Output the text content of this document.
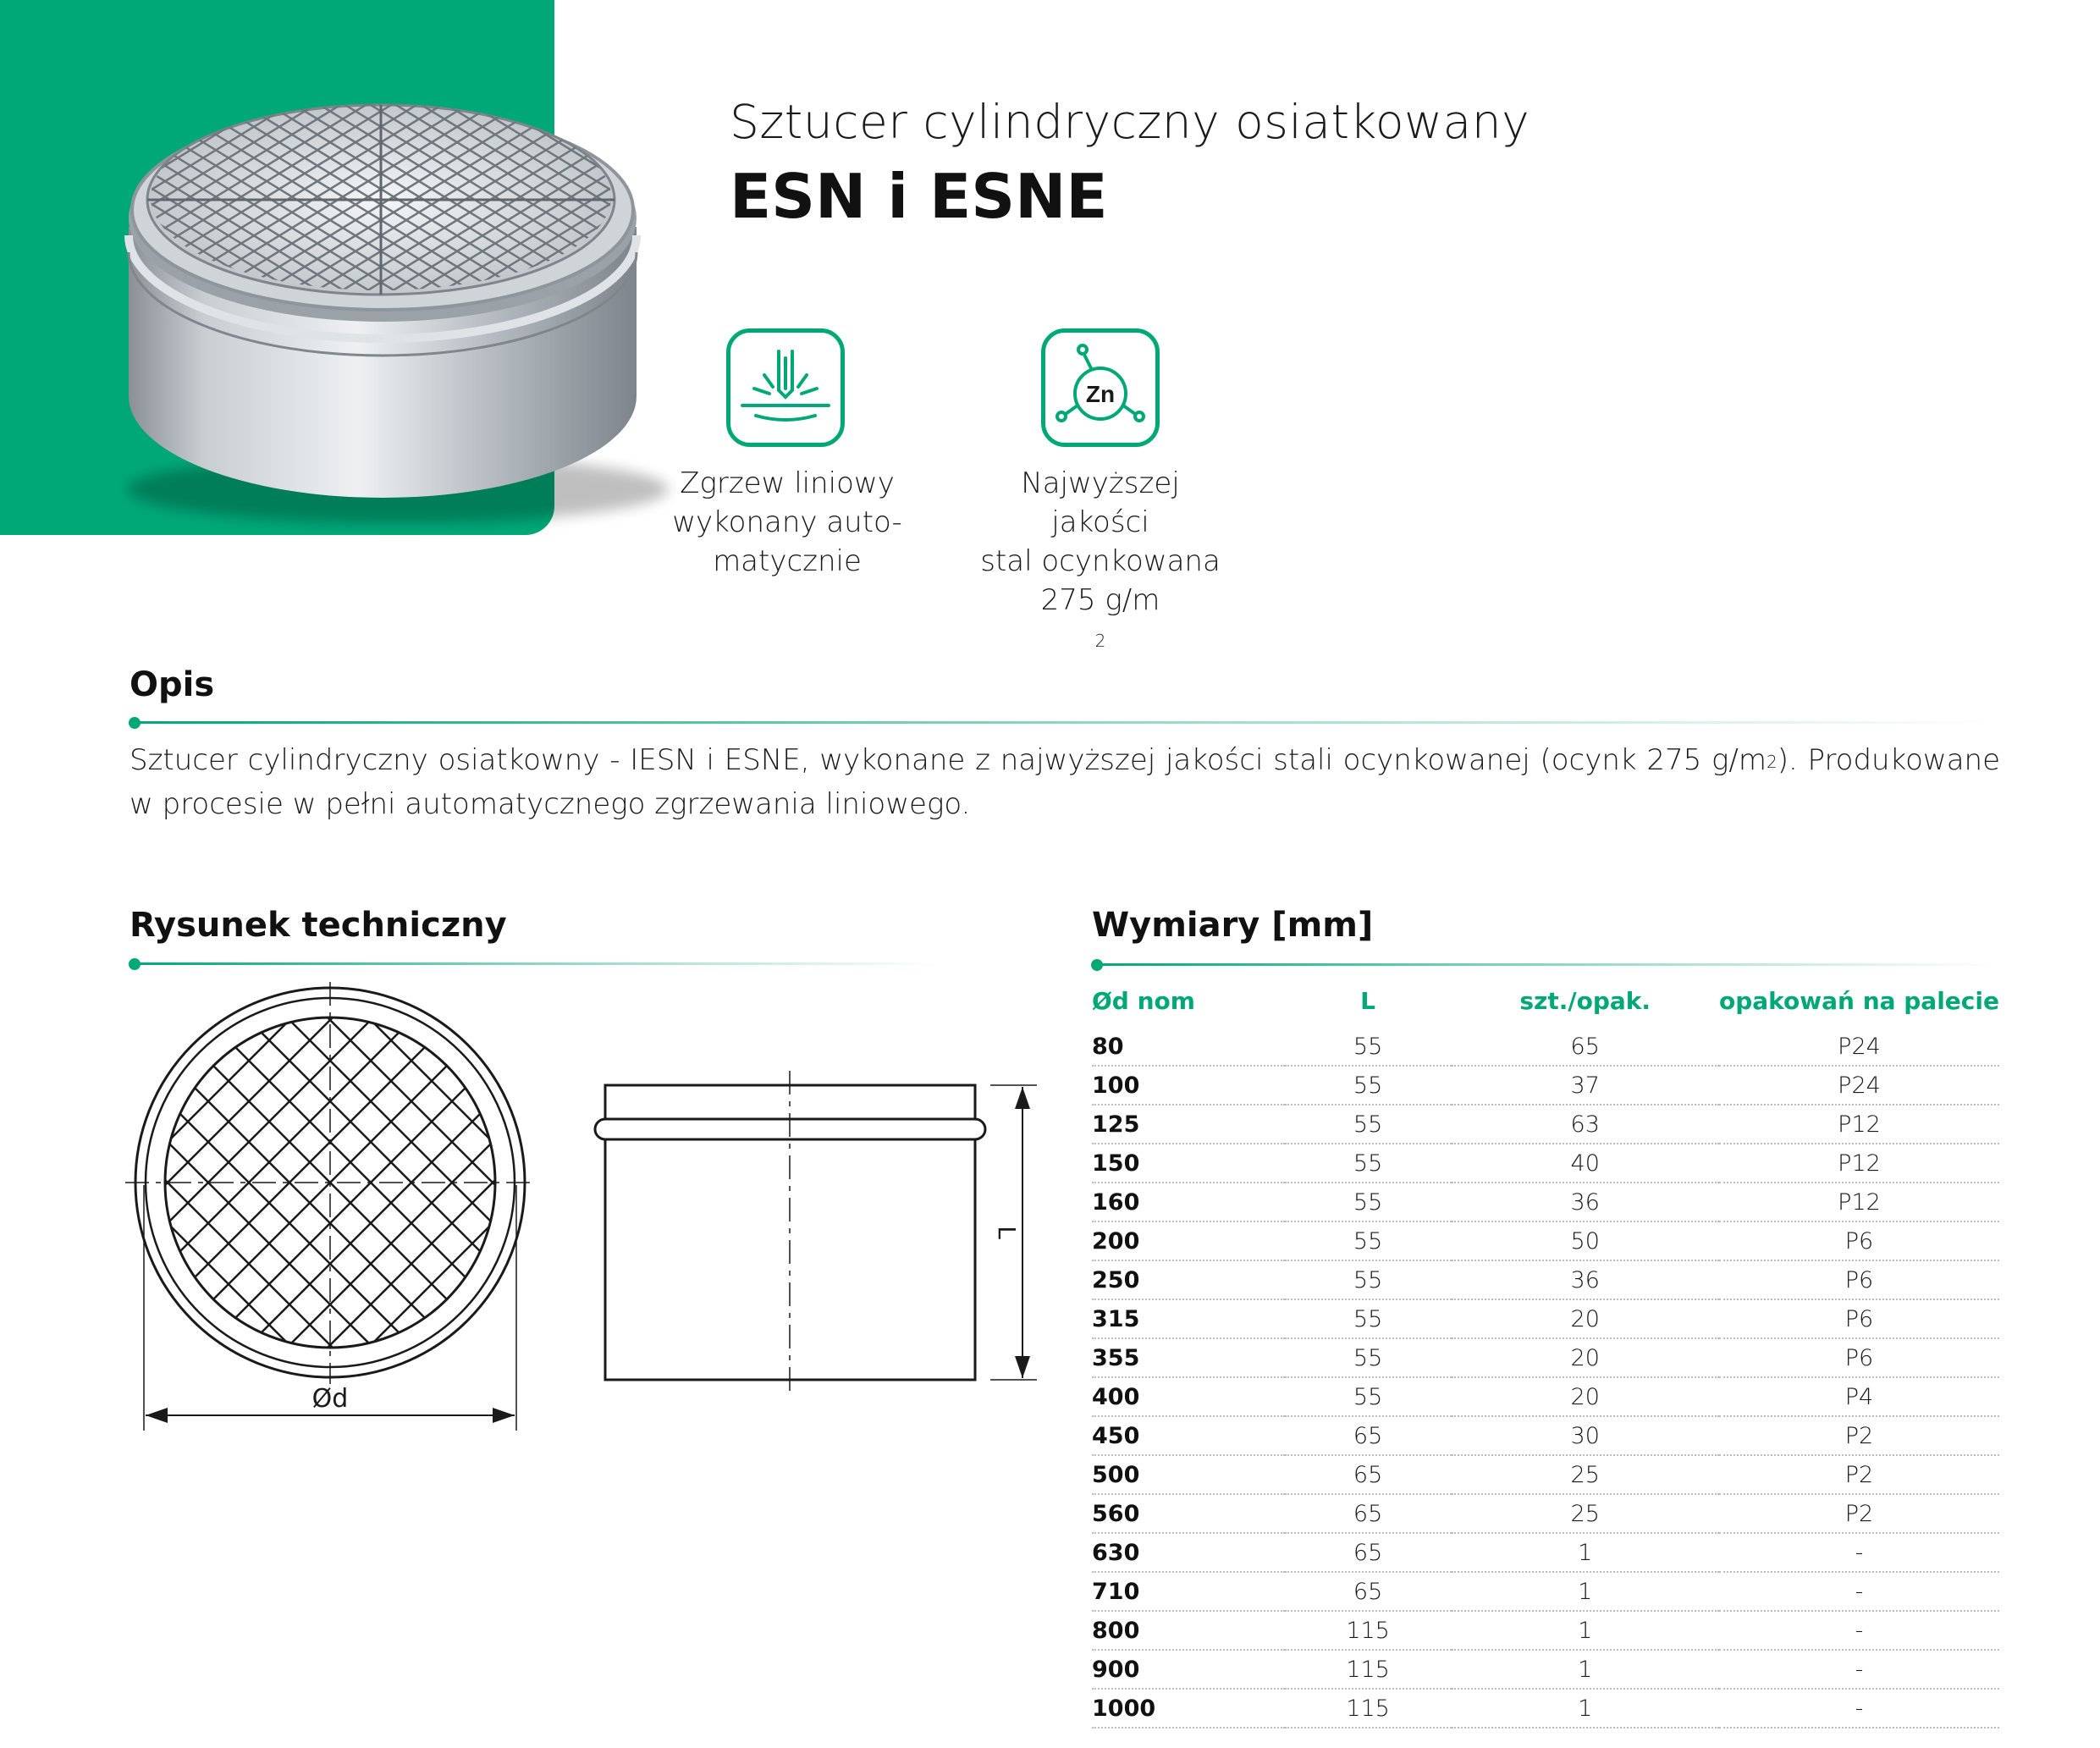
Sztucer cylindryczny osiatkowany
ESN i ESNE
Zgrzew liniowy
wykonany auto-
matycznie
Zn
Najwyższej jakości
stal ocynkowana
275 g/m
2
Opis
Sztucer cylindryczny osiatkowny - IESN i ESNE, wykonane z najwyższej jakości stali ocynkowanej (ocynk 275 $g/m^2$). Produkowane w procesie w pełni automatycznego zgrzewania liniowego.
Rysunek techniczny
Ød
L
Wymiary [mm]
Ød nom	L	szt./opak.	opakowań na palecie
80	55	65	P24
100	55	37	P24
125	55	63	P12
150	55	40	P12
160	55	36	P12
200	55	50	P6
250	55	36	P6
315	55	20	P6
355	55	20	P6
400	55	20	P4
450	65	30	P2
500	65	25	P2
560	65	25	P2
630	65	1	-
710	65	1	-
800	115	1	-
900	115	1	-
1000	115	1	-
